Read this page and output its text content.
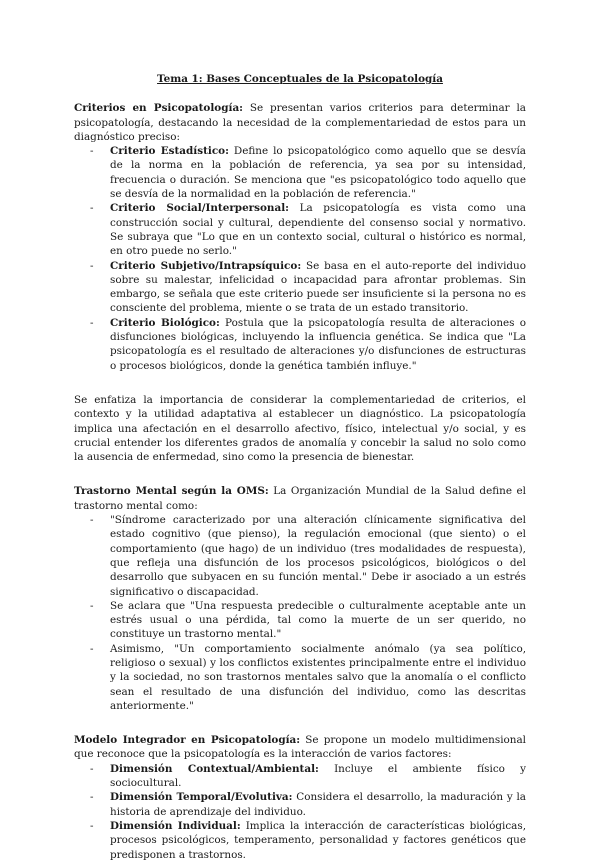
Tema 1: Bases Conceptuales de la Psicopatología

Criterios en Psicopatología: Se presentan varios criterios para determinar la psicopatología, destacando la necesidad de la complementariedad de estos para un diagnóstico preciso:

- Criterio Estadístico: Define lo psicopatológico como aquello que se desvía de la norma en la población de referencia, ya sea por su intensidad, frecuencia o duración. Se menciona que "es psicopatológico todo aquello que se desvía de la normalidad en la población de referencia."
- Criterio Social/Interpersonal: La psicopatología es vista como una construcción social y cultural, dependiente del consenso social y normativo. Se subraya que "Lo que en un contexto social, cultural o histórico es normal, en otro puede no serlo."
- Criterio Subjetivo/Intrapsíquico: Se basa en el auto-reporte del individuo sobre su malestar, infelicidad o incapacidad para afrontar problemas. Sin embargo, se señala que este criterio puede ser insuficiente si la persona no es consciente del problema, miente o se trata de un estado transitorio.
- Criterio Biológico: Postula que la psicopatología resulta de alteraciones o disfunciones biológicas, incluyendo la influencia genética. Se indica que "La psicopatología es el resultado de alteraciones y/o disfunciones de estructuras o procesos biológicos, donde la genética también influye."

Se enfatiza la importancia de considerar la complementariedad de criterios, el contexto y la utilidad adaptativa al establecer un diagnóstico. La psicopatología implica una afectación en el desarrollo afectivo, físico, intelectual y/o social, y es crucial entender los diferentes grados de anomalía y concebir la salud no solo como la ausencia de enfermedad, sino como la presencia de bienestar.

Trastorno Mental según la OMS: La Organización Mundial de la Salud define el trastorno mental como:

- "Síndrome caracterizado por una alteración clínicamente significativa del estado cognitivo (que pienso), la regulación emocional (que siento) o el comportamiento (que hago) de un individuo (tres modalidades de respuesta), que refleja una disfunción de los procesos psicológicos, biológicos o del desarrollo que subyacen en su función mental." Debe ir asociado a un estrés significativo o discapacidad.
- Se aclara que "Una respuesta predecible o culturalmente aceptable ante un estrés usual o una pérdida, tal como la muerte de un ser querido, no constituye un trastorno mental."
- Asimismo, "Un comportamiento socialmente anómalo (ya sea político, religioso o sexual) y los conflictos existentes principalmente entre el individuo y la sociedad, no son trastornos mentales salvo que la anomalía o el conflicto sean el resultado de una disfunción del individuo, como las descritas anteriormente."

Modelo Integrador en Psicopatología: Se propone un modelo multidimensional que reconoce que la psicopatología es la interacción de varios factores:

- Dimensión Contextual/Ambiental: Incluye el ambiente físico y sociocultural.
- Dimensión Temporal/Evolutiva: Considera el desarrollo, la maduración y la historia de aprendizaje del individuo.
- Dimensión Individual: Implica la interacción de características biológicas, procesos psicológicos, temperamento, personalidad y factores genéticos que predisponen a trastornos.
